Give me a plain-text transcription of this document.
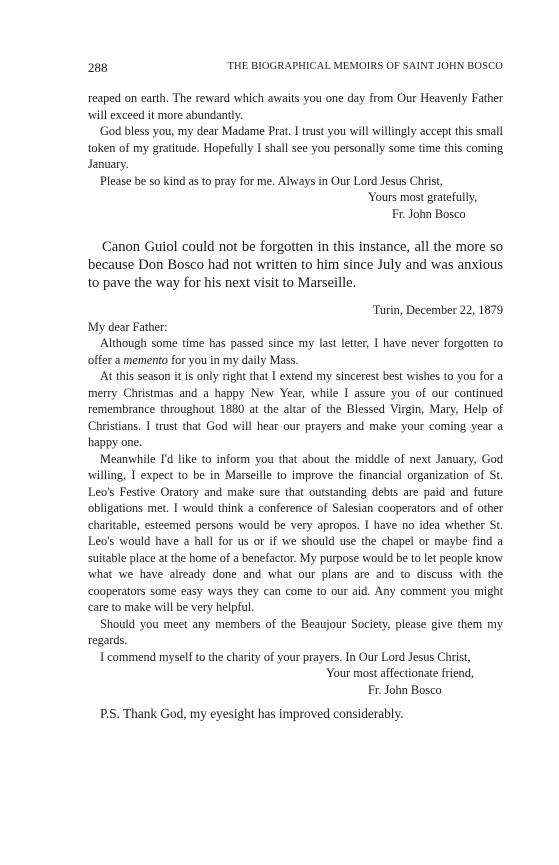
288	THE BIOGRAPHICAL MEMOIRS OF SAINT JOHN BOSCO

reaped on earth. The reward which awaits you one day from Our Heavenly Father will exceed it more abundantly.

God bless you, my dear Madame Prat. I trust you will willingly accept this small token of my gratitude. Hopefully I shall see you personally some time this coming January.

Please be so kind as to pray for me. Always in Our Lord Jesus Christ,

Yours most gratefully,

Fr. John Bosco

Canon Guiol could not be forgotten in this instance, all the more so because Don Bosco had not written to him since July and was anxious to pave the way for his next visit to Marseille.

Turin, December 22, 1879

My dear Father:

Although some time has passed since my last letter, I have never forgotten to offer a memento for you in my daily Mass.

At this season it is only right that I extend my sincerest best wishes to you for a merry Christmas and a happy New Year, while I assure you of our continued remembrance throughout 1880 at the altar of the Blessed Virgin, Mary, Help of Christians. I trust that God will hear our prayers and make your coming year a happy one.

Meanwhile I'd like to inform you that about the middle of next January, God willing, I expect to be in Marseille to improve the financial organization of St. Leo's Festive Oratory and make sure that outstanding debts are paid and future obligations met. I would think a conference of Salesian cooperators and of other charitable, esteemed persons would be very apropos. I have no idea whether St. Leo's would have a hall for us or if we should use the chapel or maybe find a suitable place at the home of a benefactor. My purpose would be to let people know what we have already done and what our plans are and to discuss with the cooperators some easy ways they can come to our aid. Any comment you might care to make will be very helpful.

Should you meet any members of the Beaujour Society, please give them my regards.

I commend myself to the charity of your prayers. In Our Lord Jesus Christ,

Your most affectionate friend,

Fr. John Bosco

P.S. Thank God, my eyesight has improved considerably.
